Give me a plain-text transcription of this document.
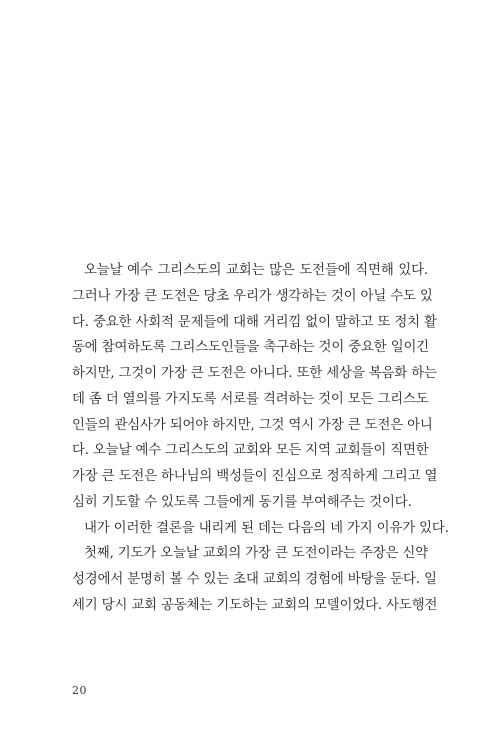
오늘날 예수 그리스도의 교회는 많은 도전들에 직면해 있다.
그러나 가장 큰 도전은 당초 우리가 생각하는 것이 아닐 수도 있
다. 중요한 사회적 문제들에 대해 거리낌 없이 말하고 또 정치 활
동에 참여하도록 그리스도인들을 촉구하는 것이 중요한 일이긴
하지만, 그것이 가장 큰 도전은 아니다. 또한 세상을 복음화 하는
데 좀 더 열의를 가지도록 서로를 격려하는 것이 모든 그리스도
인들의 관심사가 되어야 하지만, 그것 역시 가장 큰 도전은 아니
다. 오늘날 예수 그리스도의 교회와 모든 지역 교회들이 직면한
가장 큰 도전은 하나님의 백성들이 진심으로 정직하게 그리고 열
심히 기도할 수 있도록 그들에게 동기를 부여해주는 것이다.
내가 이러한 결론을 내리게 된 데는 다음의 네 가지 이유가 있다.
첫째, 기도가 오늘날 교회의 가장 큰 도전이라는 주장은 신약
성경에서 분명히 볼 수 있는 초대 교회의 경험에 바탕을 둔다. 일
세기 당시 교회 공동체는 기도하는 교회의 모델이었다. 사도행전
20
